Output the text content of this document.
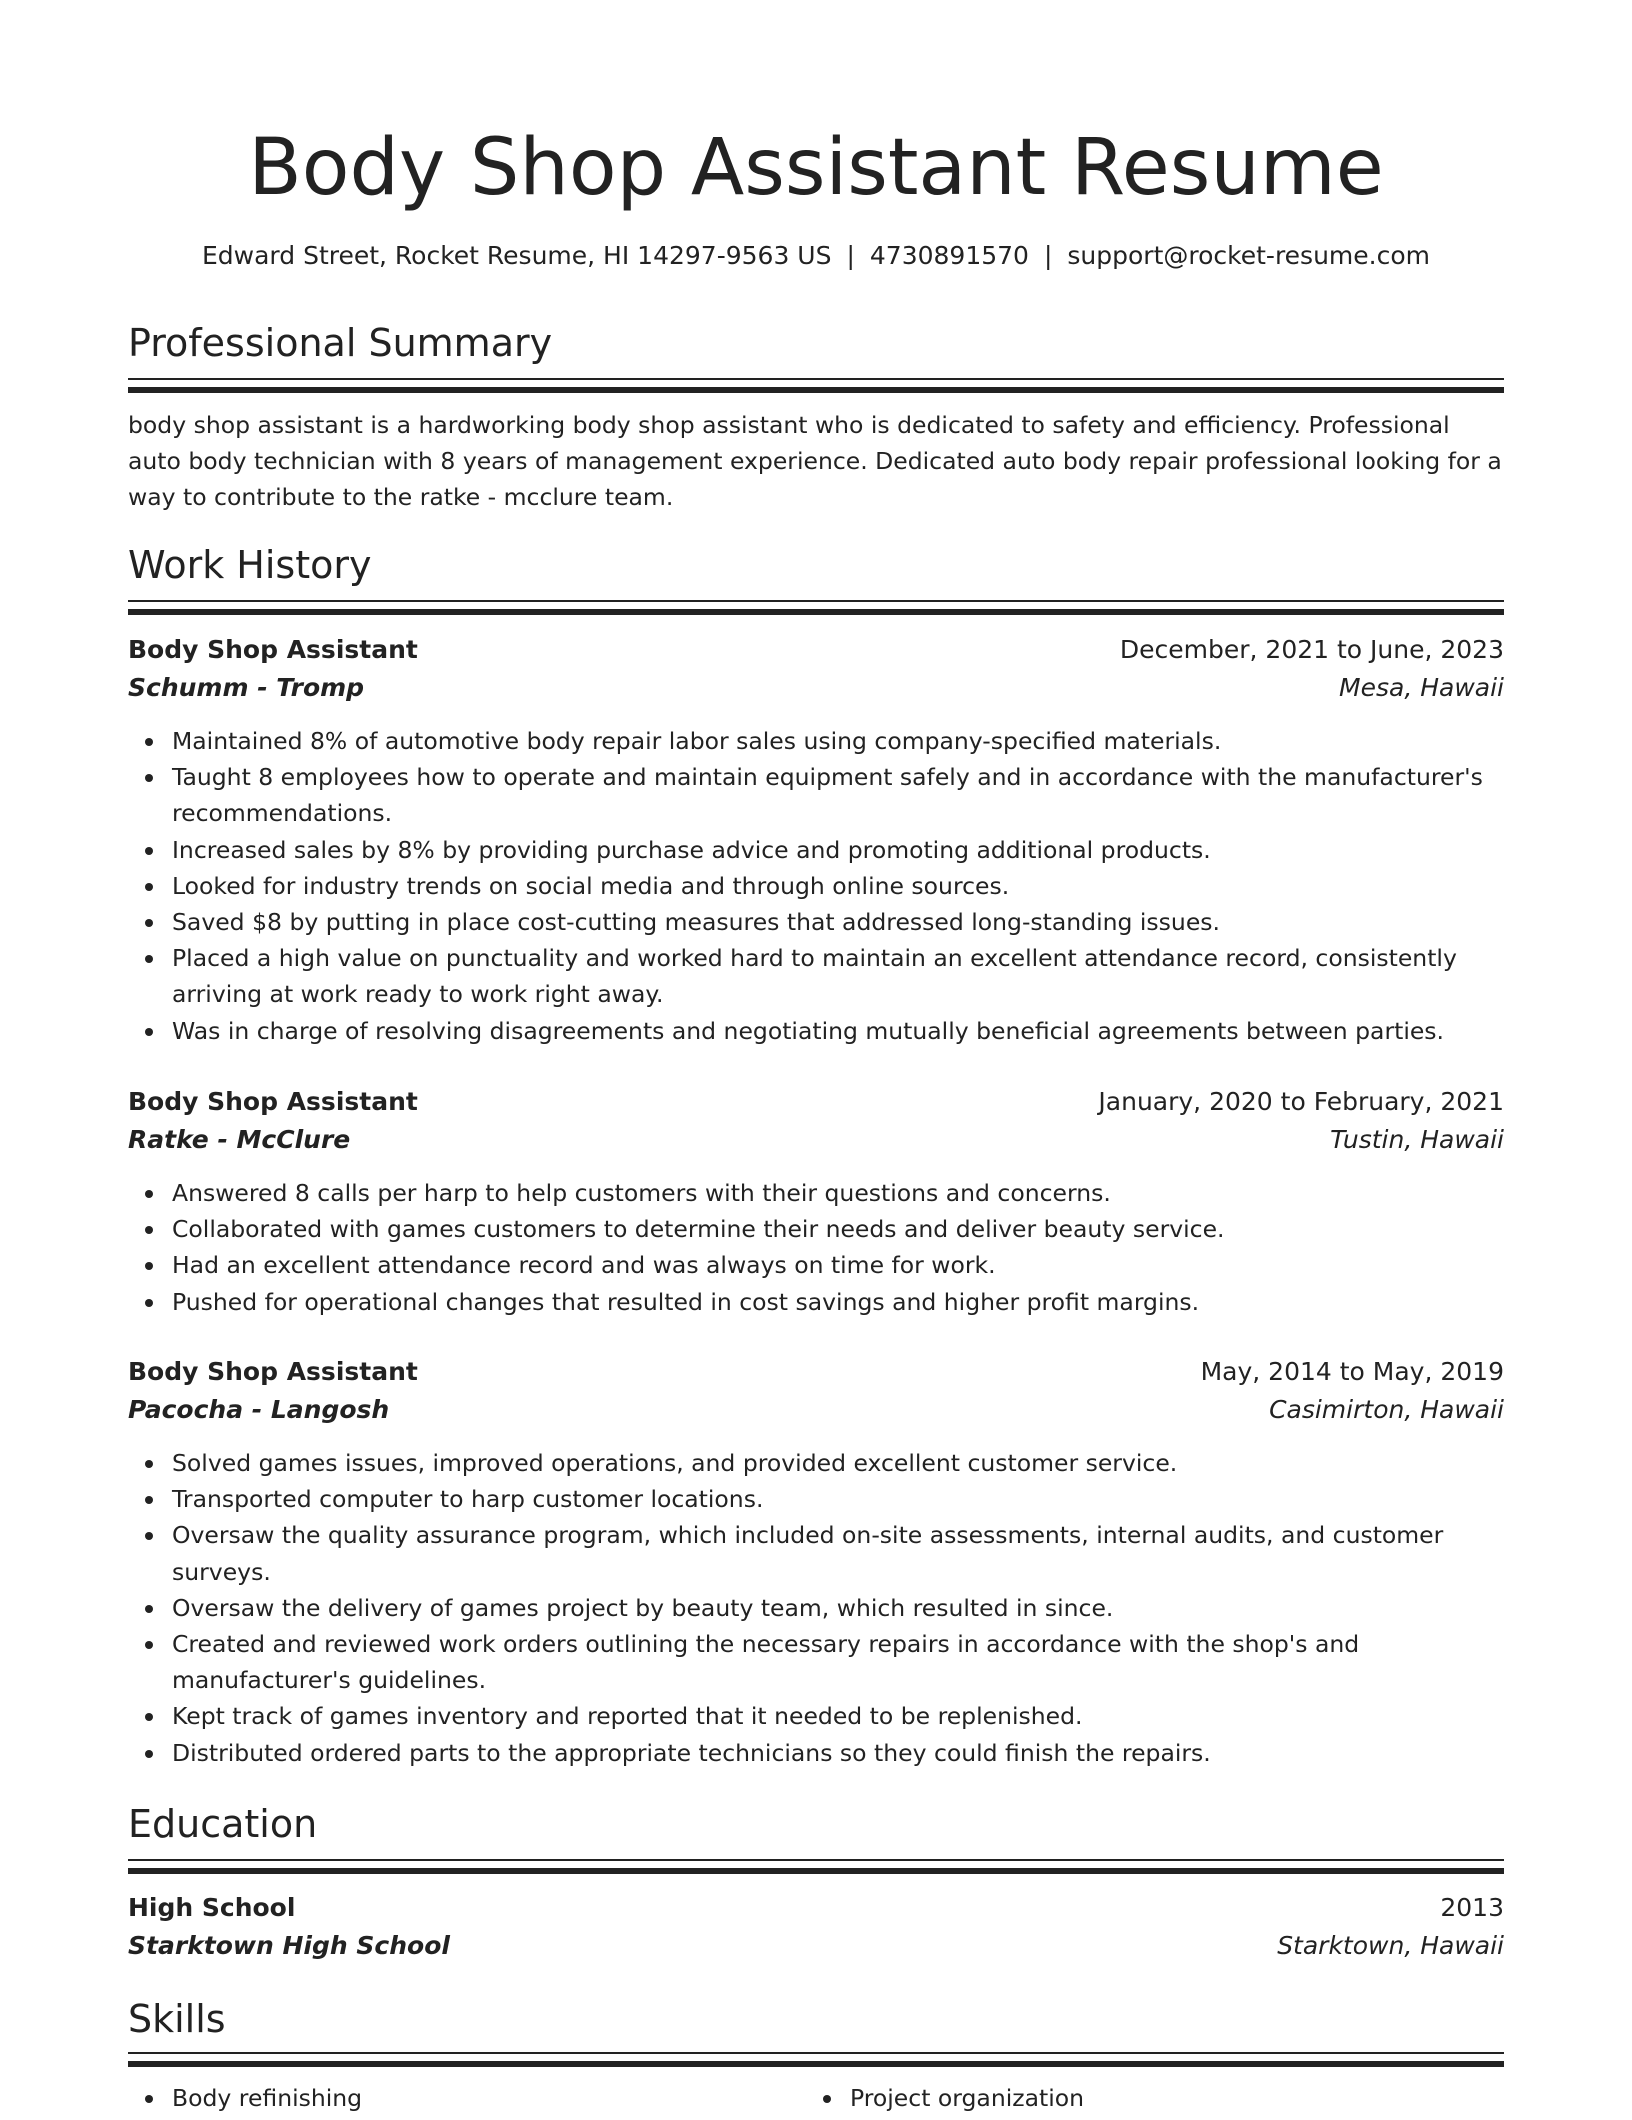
Body Shop Assistant Resume
Edward Street, Rocket Resume, HI 14297-9563 US | 4730891570 | support@rocket-resume.com
Professional Summary

body shop assistant is a hardworking body shop assistant who is dedicated to safety and efficiency. Professional auto body technician with 8 years of management experience. Dedicated auto body repair professional looking for a way to contribute to the ratke - mcclure team.

Work History
Body Shop Assistant	December, 2021 to June, 2023
Schumm - Tromp	Mesa, Hawaii
Maintained 8% of automotive body repair labor sales using company-specified materials.
Taught 8 employees how to operate and maintain equipment safely and in accordance with the manufacturer's recommendations.
Increased sales by 8% by providing purchase advice and promoting additional products.
Looked for industry trends on social media and through online sources.
Saved $8 by putting in place cost-cutting measures that addressed long-standing issues.
Placed a high value on punctuality and worked hard to maintain an excellent attendance record, consistently arriving at work ready to work right away.
Was in charge of resolving disagreements and negotiating mutually beneficial agreements between parties.
Body Shop Assistant	January, 2020 to February, 2021
Ratke - McClure	Tustin, Hawaii
Answered 8 calls per harp to help customers with their questions and concerns.
Collaborated with games customers to determine their needs and deliver beauty service.
Had an excellent attendance record and was always on time for work.
Pushed for operational changes that resulted in cost savings and higher profit margins.
Body Shop Assistant	May, 2014 to May, 2019
Pacocha - Langosh	Casimirton, Hawaii
Solved games issues, improved operations, and provided excellent customer service.
Transported computer to harp customer locations.
Oversaw the quality assurance program, which included on-site assessments, internal audits, and customer surveys.
Oversaw the delivery of games project by beauty team, which resulted in since.
Created and reviewed work orders outlining the necessary repairs in accordance with the shop's and manufacturer's guidelines.
Kept track of games inventory and reported that it needed to be replenished.
Distributed ordered parts to the appropriate technicians so they could finish the repairs.
Education
High School	2013
Starktown High School	Starktown, Hawaii
Skills
Body refinishing	Project organization
